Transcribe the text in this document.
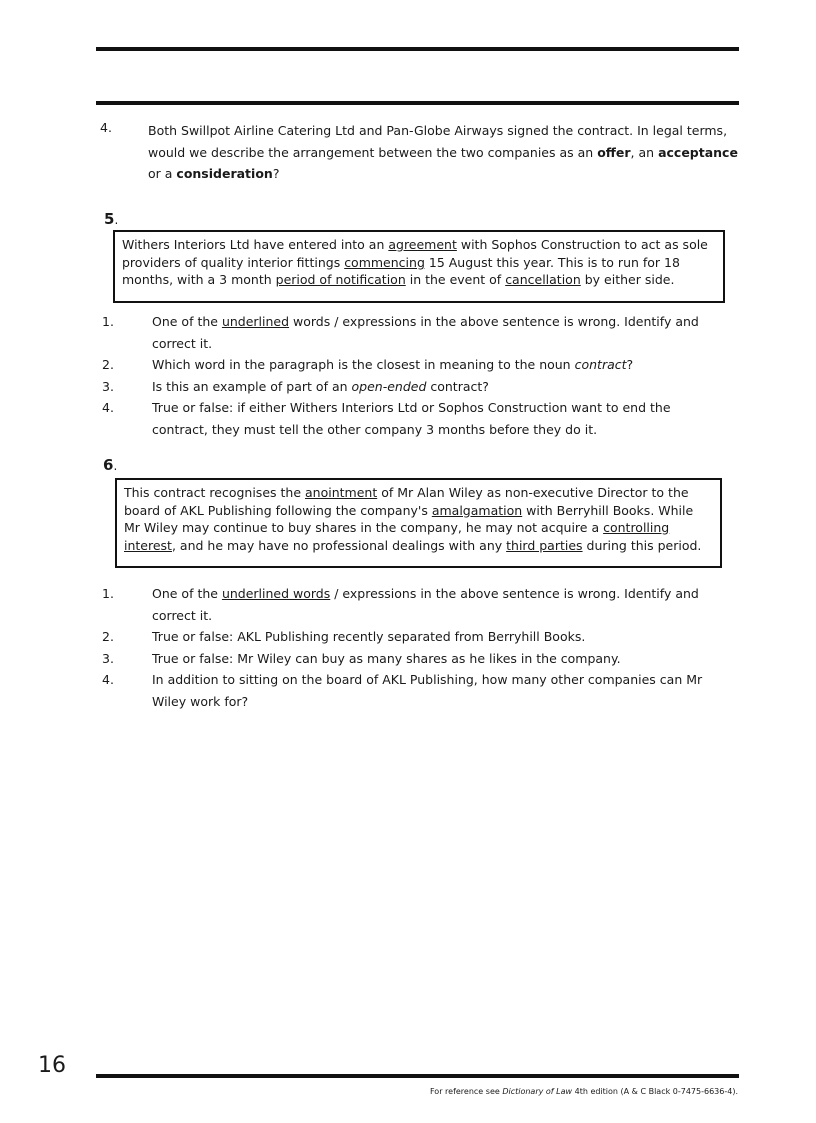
4.	Both Swillpot Airline Catering Ltd and Pan-Globe Airways signed the contract. In legal terms, would we describe the arrangement between the two companies as an offer, an acceptance or a consideration?
5.
Withers Interiors Ltd have entered into an agreement with Sophos Construction to act as sole providers of quality interior fittings commencing 15 August this year. This is to run for 18 months, with a 3 month period of notification in the event of cancellation by either side.
1.	One of the underlined words / expressions in the above sentence is wrong. Identify and correct it.
2.	Which word in the paragraph is the closest in meaning to the noun contract?
3.	Is this an example of part of an open-ended contract?
4.	True or false: if either Withers Interiors Ltd or Sophos Construction want to end the contract, they must tell the other company 3 months before they do it.
6.
This contract recognises the anointment of Mr Alan Wiley as non-executive Director to the board of AKL Publishing following the company's amalgamation with Berryhill Books. While Mr Wiley may continue to buy shares in the company, he may not acquire a controlling interest, and he may have no professional dealings with any third parties during this period.
1.	One of the underlined words / expressions in the above sentence is wrong. Identify and correct it.
2.	True or false: AKL Publishing recently separated from Berryhill Books.
3.	True or false: Mr Wiley can buy as many shares as he likes in the company.
4.	In addition to sitting on the board of AKL Publishing, how many other companies can Mr Wiley work for?
16
For reference see Dictionary of Law 4th edition (A & C Black 0-7475-6636-4).
